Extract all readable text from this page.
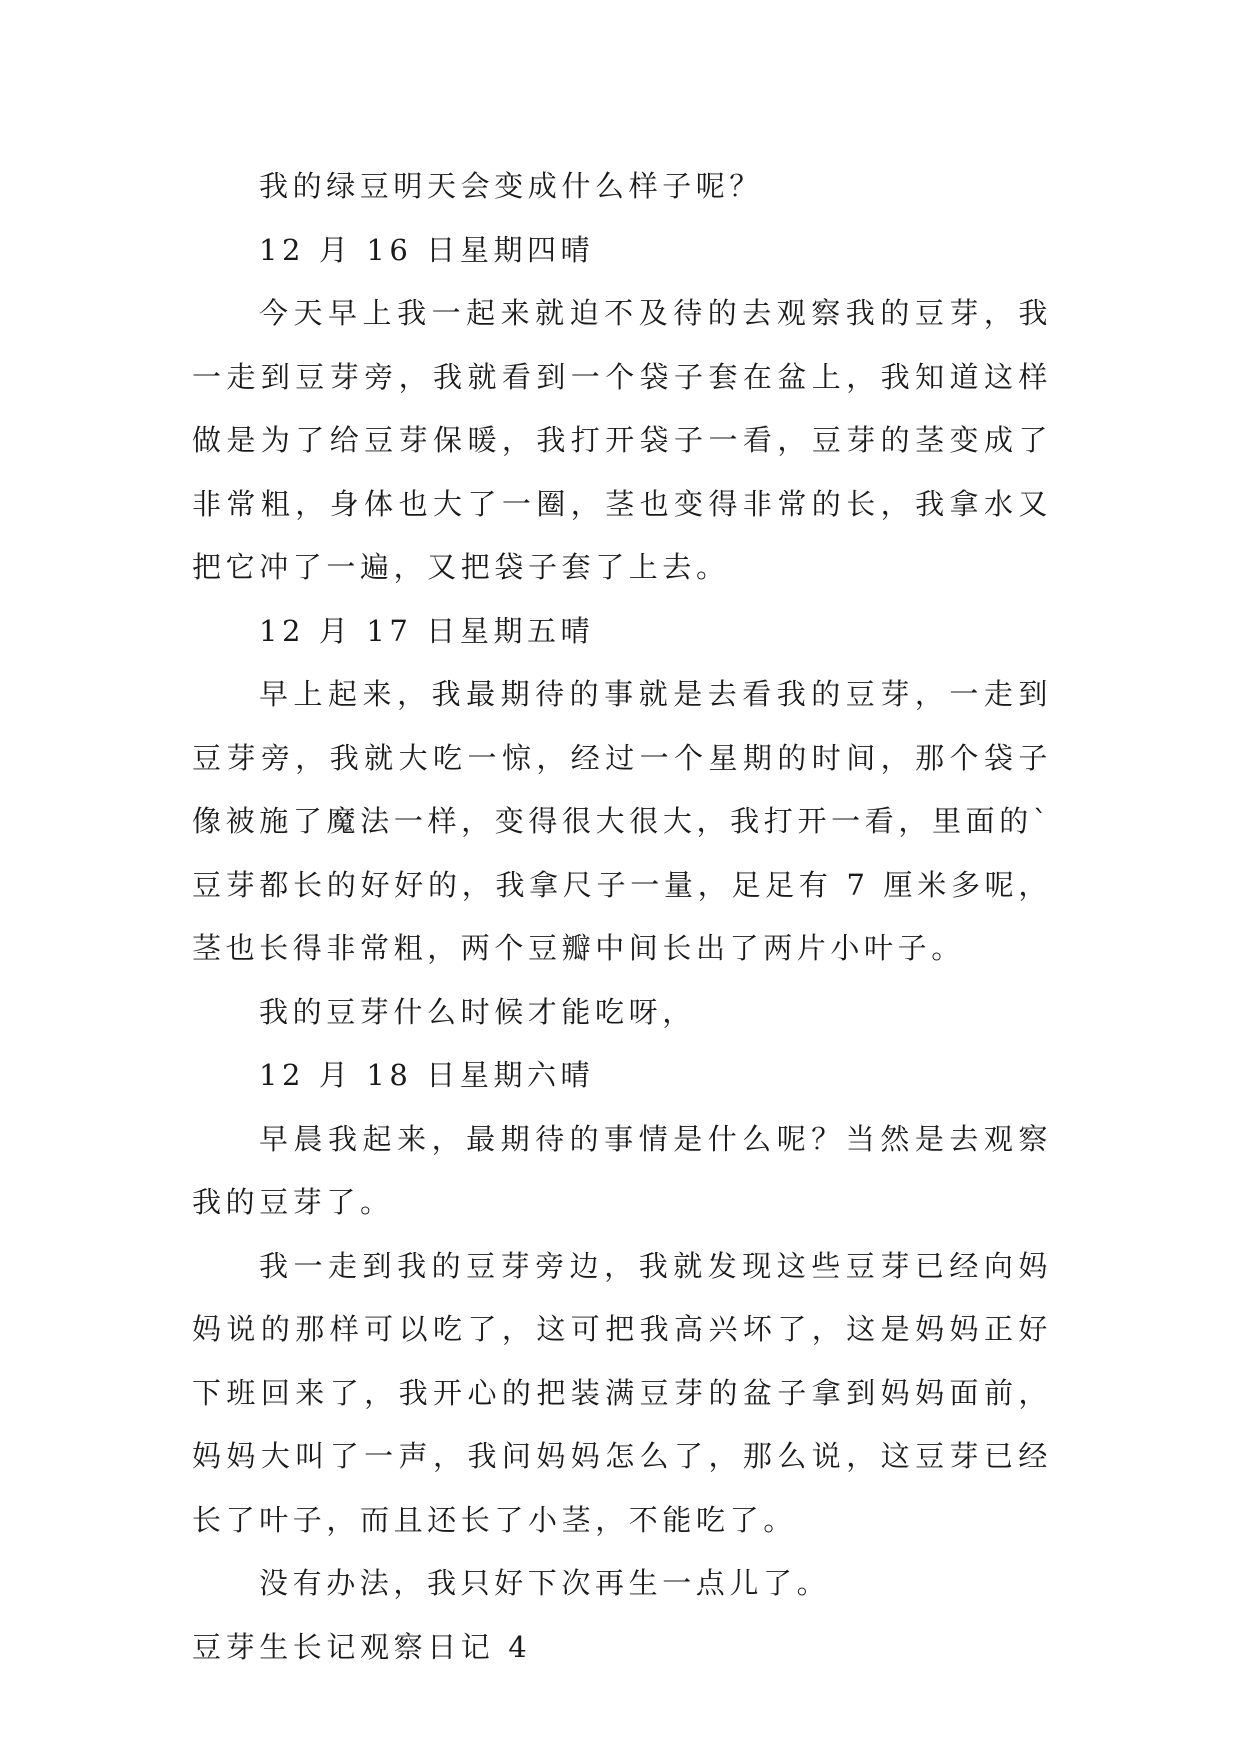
我的绿豆明天会变成什么样子呢？

12 月 16 日星期四晴

今天早上我一起来就迫不及待的去观察我的豆芽，我一走到豆芽旁，我就看到一个袋子套在盆上，我知道这样做是为了给豆芽保暖，我打开袋子一看，豆芽的茎变成了非常粗，身体也大了一圈，茎也变得非常的长，我拿水又把它冲了一遍，又把袋子套了上去。

12 月 17 日星期五晴

早上起来，我最期待的事就是去看我的豆芽，一走到豆芽旁，我就大吃一惊，经过一个星期的时间，那个袋子像被施了魔法一样，变得很大很大，我打开一看，里面的`豆芽都长的好好的，我拿尺子一量，足足有 7 厘米多呢，茎也长得非常粗，两个豆瓣中间长出了两片小叶子。

我的豆芽什么时候才能吃呀，

12 月 18 日星期六晴

早晨我起来，最期待的事情是什么呢？当然是去观察我的豆芽了。

我一走到我的豆芽旁边，我就发现这些豆芽已经向妈妈说的那样可以吃了，这可把我高兴坏了，这是妈妈正好下班回来了，我开心的把装满豆芽的盆子拿到妈妈面前，妈妈大叫了一声，我问妈妈怎么了，那么说，这豆芽已经长了叶子，而且还长了小茎，不能吃了。

没有办法，我只好下次再生一点儿了。

豆芽生长记观察日记 4
